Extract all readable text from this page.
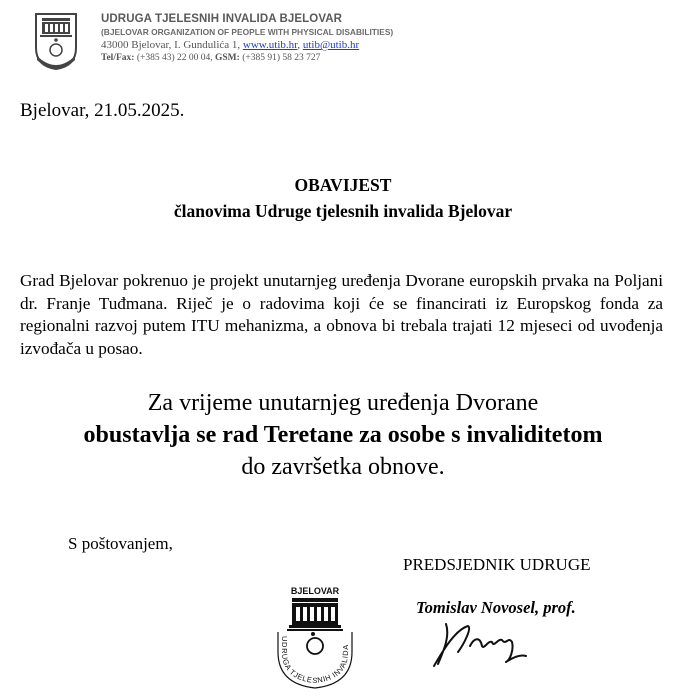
UDRUGA TJELESNIH INVALIDA BJELOVAR
(BJELOVAR ORGANIZATION OF PEOPLE WITH PHYSICAL DISABILITIES)
43000 Bjelovar, I. Gundulića 1, www.utib.hr, utib@utib.hr
Tel/Fax: (+385 43) 22 00 04, GSM: (+385 91) 58 23 727
Bjelovar, 21.05.2025.
OBAVIJEST
članovima Udruge tjelesnih invalida Bjelovar
Grad Bjelovar pokrenuo je projekt unutarnjeg uređenja Dvorane europskih prvaka na Poljani dr. Franje Tuđmana. Riječ je o radovima koji će se financirati iz Europskog fonda za regionalni razvoj putem ITU mehanizma, a obnova bi trebala trajati 12 mjeseci od uvođenja izvođača u posao.
Za vrijeme unutarnjeg uređenja Dvorane
obustavlja se rad Teretane za osobe s invaliditetom
do završetka obnove.
S poštovanjem,
PREDSJEDNIK UDRUGE
Tomislav Novosel, prof.
BJELOVAR
UDRUGA TJELESNIH INVALIDA
